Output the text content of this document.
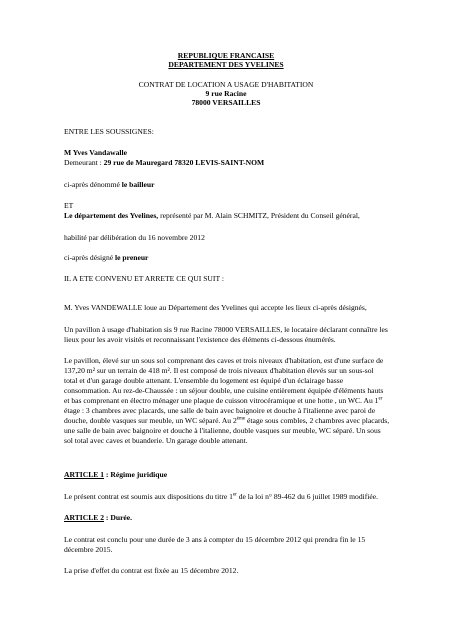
REPUBLIQUE FRANCAISE
DEPARTEMENT DES YVELINES
CONTRAT DE LOCATION A USAGE D'HABITATION
9 rue Racine
78000 VERSAILLES
ENTRE LES SOUSSIGNES:
M Yves Vandawalle
Demeurant : 29 rue de Mauregard 78320 LEVIS-SAINT-NOM
ci-après dénommé le bailleur
ET
Le département des Yvelines, représenté par M. Alain SCHMITZ, Président du Conseil général,
habilité par délibération du 16 novembre 2012
ci-après désigné le preneur
IL A ETE CONVENU ET ARRETE CE QUI SUIT :
M. Yves VANDEWALLE loue au Département des Yvelines qui accepte les lieux ci-après désignés,
Un pavillon à usage d'habitation sis 9 rue Racine 78000 VERSAILLES, le locataire déclarant connaître les
lieux pour les avoir visités et reconnaissant l'existence des éléments ci-dessous énumérés.
Le pavillon, élevé sur un sous sol comprenant des caves et trois niveaux d'habitation, est d'une surface de
137,20 m² sur un terrain de 418 m². Il est composé de trois niveaux d'habitation élevés sur un sous-sol
total et d'un garage double attenant. L'ensemble du logement est équipé d'un éclairage basse
consommation. Au rez-de-Chaussée : un séjour double, une cuisine entièrement équipée d'éléments hauts
et bas comprenant en électro ménager une plaque de cuisson vitrocéramique et une hotte , un WC. Au 1er
étage : 3 chambres avec placards, une salle de bain avec baignoire et douche à l'italienne avec paroi de
douche, double vasques sur meuble, un WC séparé. Au 2ème étage sous combles, 2 chambres avec placards,
une salle de bain avec baignoire et douche à l'italienne, double vasques sur meuble, WC séparé. Un sous
sol total avec caves et buanderie. Un garage double attenant.
ARTICLE 1 : Régime juridique
Le présent contrat est soumis aux dispositions du titre 1er de la loi n° 89-462 du 6 juillet 1989 modifiée.
ARTICLE 2 : Durée.
Le contrat est conclu pour une durée de 3 ans à compter du 15 décembre 2012 qui prendra fin le 15
décembre 2015.
La prise d'effet du contrat est fixée au 15 décembre 2012.
